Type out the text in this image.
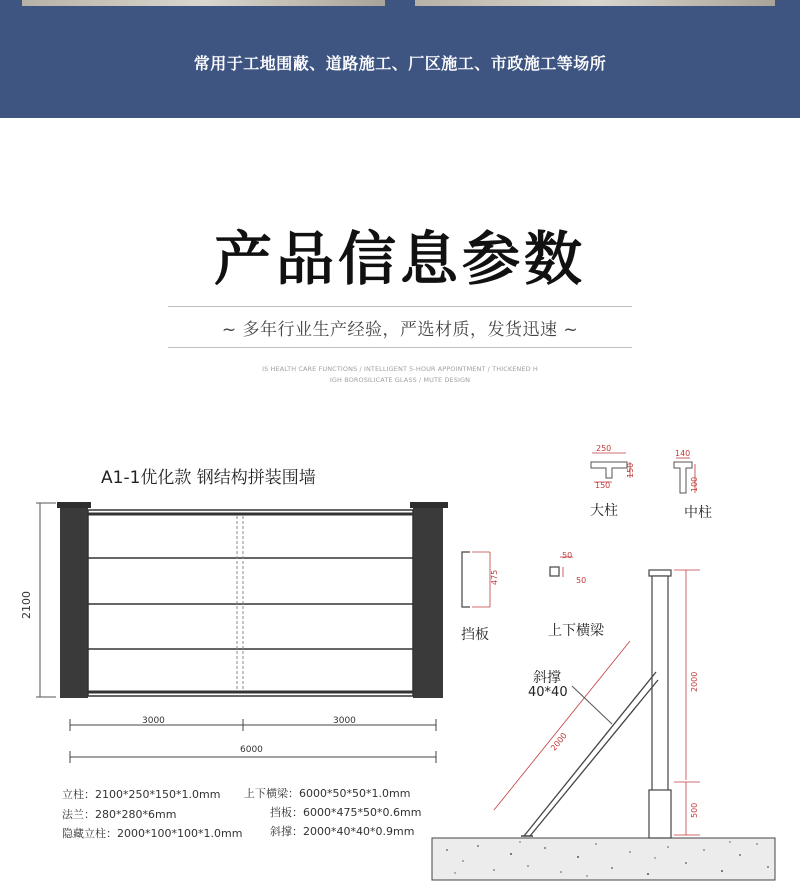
常用于工地围蔽、道路施工、厂区施工、市政施工等场所
产品信息参数
~ 多年行业生产经验，严选材质，发货迅速 ~
IS HEALTH CARE FUNCTIONS / INTELLIGENT 5-HOUR APPOINTMENT / THICKENED H
IGH BOROSILICATE GLASS / MUTE DESIGN
A1-1优化款 钢结构拼装围墙
2100
3000	3000
6000
立柱：2100*250*150*1.0mm
法兰：280*280*6mm
隐藏立柱：2000*100*100*1.0mm
上下横梁：6000*50*50*1.0mm
挡板：6000*475*50*0.6mm
斜撑：2000*40*40*0.9mm
250
150
150
大柱
140
100
中柱
475
挡板
50
50
上下横梁
斜撑
40*40
2000
2000
500
